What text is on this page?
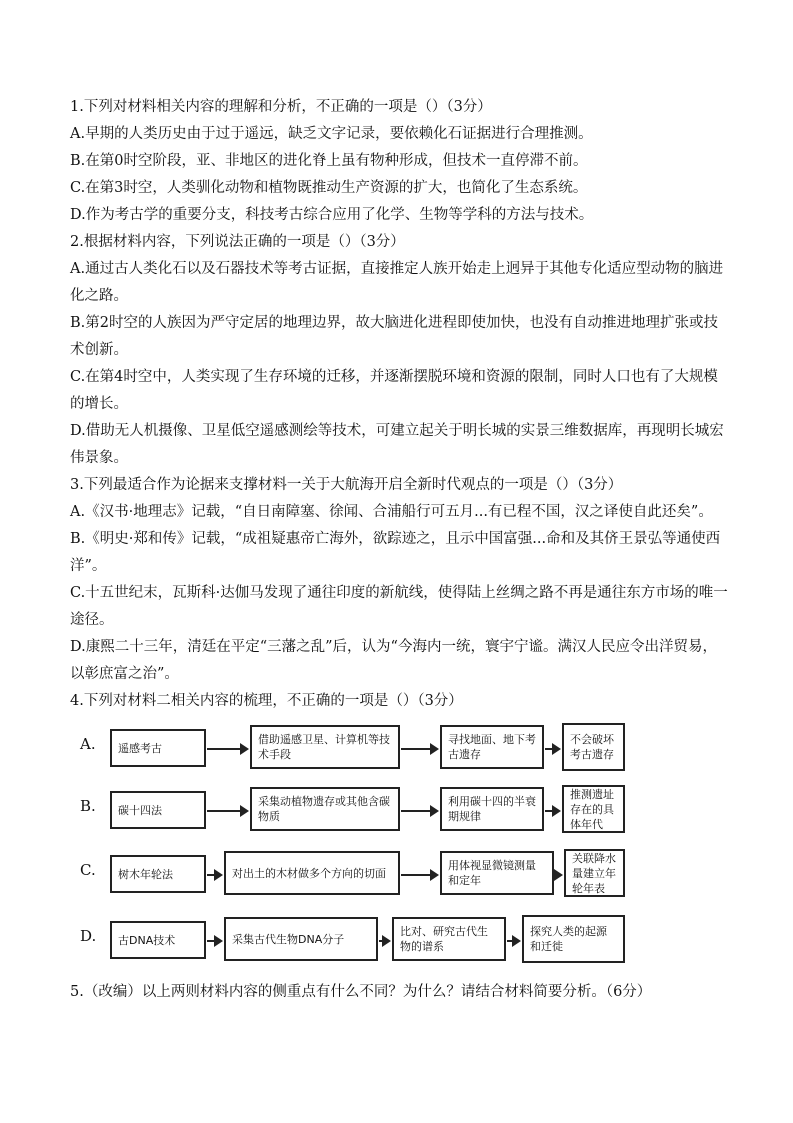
1.下列对材料相关内容的理解和分析，不正确的一项是（）（3分）

A.早期的人类历史由于过于遥远，缺乏文字记录，要依赖化石证据进行合理推测。

B.在第0时空阶段，亚、非地区的进化脊上虽有物种形成，但技术一直停滞不前。

C.在第3时空，人类驯化动物和植物既推动生产资源的扩大，也简化了生态系统。

D.作为考古学的重要分支，科技考古综合应用了化学、生物等学科的方法与技术。

2.根据材料内容，下列说法正确的一项是（）（3分）

A.通过古人类化石以及石器技术等考古证据，直接推定人族开始走上迥异于其他专化适应型动物的脑进化之路。

B.第2时空的人族因为严守定居的地理边界，故大脑进化进程即使加快，也没有自动推进地理扩张或技术创新。

C.在第4时空中，人类实现了生存环境的迁移，并逐渐摆脱环境和资源的限制，同时人口也有了大规模的增长。

D.借助无人机摄像、卫星低空遥感测绘等技术，可建立起关于明长城的实景三维数据库，再现明长城宏伟景象。

3.下列最适合作为论据来支撑材料一关于大航海开启全新时代观点的一项是（）（3分）

A.《汉书·地理志》记载，“自日南障塞、徐闻、合浦船行可五月...有已程不国，汉之译使自此还矣”。

B.《明史·郑和传》记载，“成祖疑惠帝亡海外，欲踪迹之，且示中国富强...命和及其侪王景弘等通使西洋”。

C.十五世纪末，瓦斯科·达伽马发现了通往印度的新航线，使得陆上丝绸之路不再是通往东方市场的唯一途径。

D.康熙二十三年，清廷在平定“三藩之乱”后，认为“今海内一统，寰宇宁谧。满汉人民应令出洋贸易，以彰庶富之治”。

4.下列对材料二相关内容的梳理，不正确的一项是（）（3分）

A.	遥感考古
借助遥感卫星、计算机等技术手段
寻找地面、地下考古遗存
不会破坏考古遗存
B.	碳十四法
采集动植物遗存或其他含碳物质
利用碳十四的半衰期规律
推测遗址存在的具体年代
C.	树木年轮法	对出土的木材做多个方向的切面
用体视显微镜测量和定年
关联降水量建立年轮年表
D.	古DNA技术	采集古代生物DNA分子
比对、研究古代生物的谱系
探究人类的起源和迁徙

5.（改编）以上两则材料内容的侧重点有什么不同？为什么？请结合材料简要分析。（6分）
